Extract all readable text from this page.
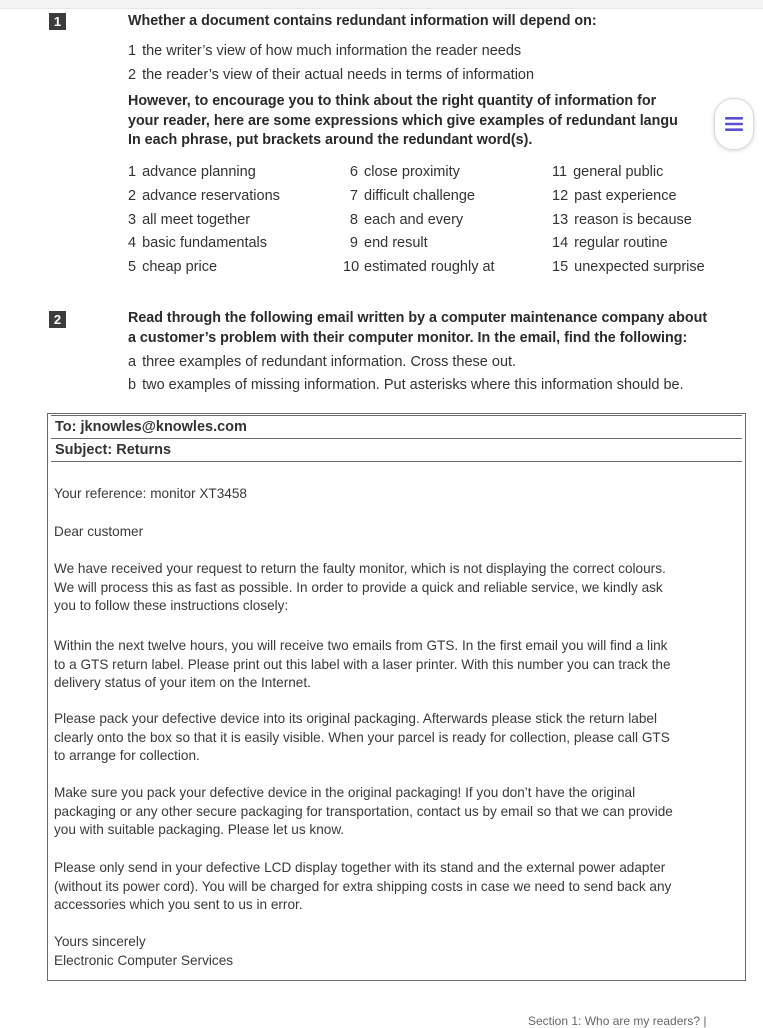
1	Whether a document contains redundant information will depend on:
1 the writer’s view of how much information the reader needs
2 the reader’s view of their actual needs in terms of information
However, to encourage you to think about the right quantity of information for
your reader, here are some expressions which give examples of redundant langu
In each phrase, put brackets around the redundant word(s).
1 advance planning
2 advance reservations
3 all meet together
4 basic fundamentals
5 cheap price
6 close proximity
7 difficult challenge
8 each and every
9 end result
10 estimated roughly at
11 general public
12 past experience
13 reason is because
14 regular routine
15 unexpected surprise
2	Read through the following email written by a computer maintenance company about
a customer’s problem with their computer monitor. In the email, find the following:
a three examples of redundant information. Cross these out.
b two examples of missing information. Put asterisks where this information should be.
To: jknowles@knowles.com
Subject: Returns
Your reference: monitor XT3458
Dear customer
We have received your request to return the faulty monitor, which is not displaying the correct colours.
We will process this as fast as possible. In order to provide a quick and reliable service, we kindly ask
you to follow these instructions closely:
Within the next twelve hours, you will receive two emails from GTS. In the first email you will find a link
to a GTS return label. Please print out this label with a laser printer. With this number you can track the
delivery status of your item on the Internet.
Please pack your defective device into its original packaging. Afterwards please stick the return label
clearly onto the box so that it is easily visible. When your parcel is ready for collection, please call GTS
to arrange for collection.
Make sure you pack your defective device in the original packaging! If you don’t have the original
packaging or any other secure packaging for transportation, contact us by email so that we can provide
you with suitable packaging. Please let us know.
Please only send in your defective LCD display together with its stand and the external power adapter
(without its power cord). You will be charged for extra shipping costs in case we need to send back any
accessories which you sent to us in error.
Yours sincerely
Electronic Computer Services
Section 1: Who are my readers? |
